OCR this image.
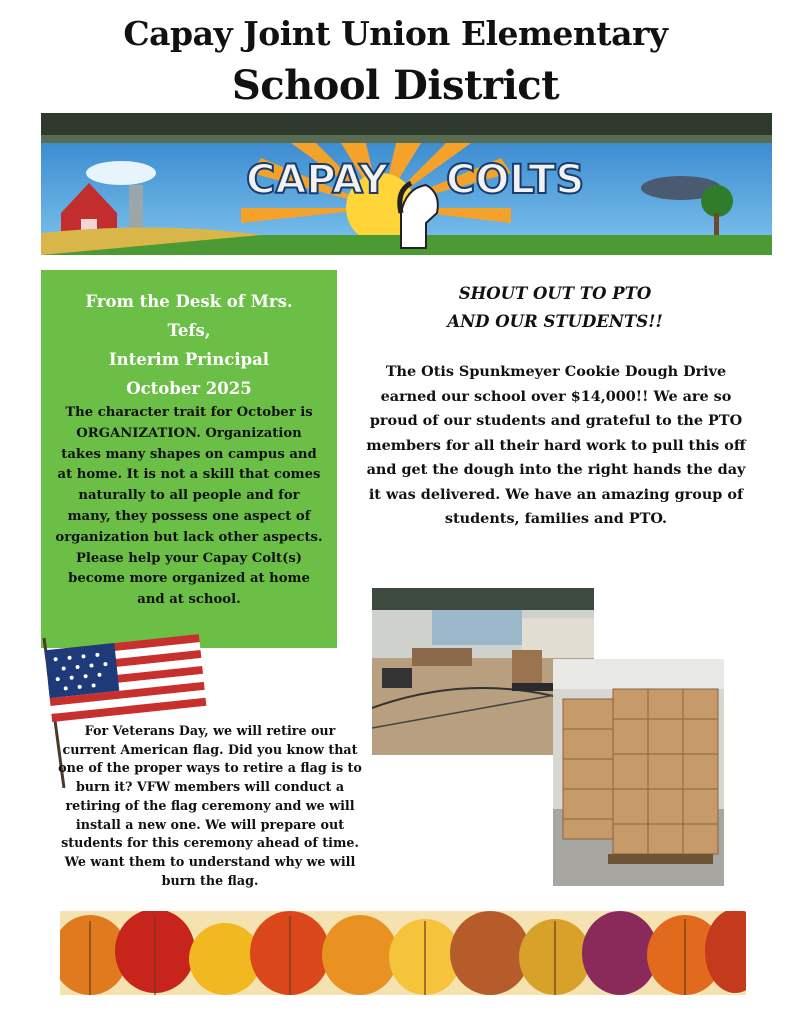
Capay Joint Union Elementary
School District
CAPAY COLTS
From the Desk of Mrs.
Tefs,
Interim Principal
October 2025
The character trait for October is ORGANIZATION. Organization takes many shapes on campus and at home. It is not a skill that comes naturally to all people and for many, they possess one aspect of organization but lack other aspects. Please help your Capay Colt(s) become more organized at home and at school.
SHOUT OUT TO PTO
AND OUR STUDENTS!!
The Otis Spunkmeyer Cookie Dough Drive earned our school over $14,000!! We are so proud of our students and grateful to the PTO members for all their hard work to pull this off and get the dough into the right hands the day it was delivered. We have an amazing group of students, families and PTO.
For Veterans Day, we will retire our current American flag. Did you know that one of the proper ways to retire a flag is to burn it? VFW members will conduct a retiring of the flag ceremony and we will install a new one. We will prepare out students for this ceremony ahead of time. We want them to understand why we will burn the flag.
